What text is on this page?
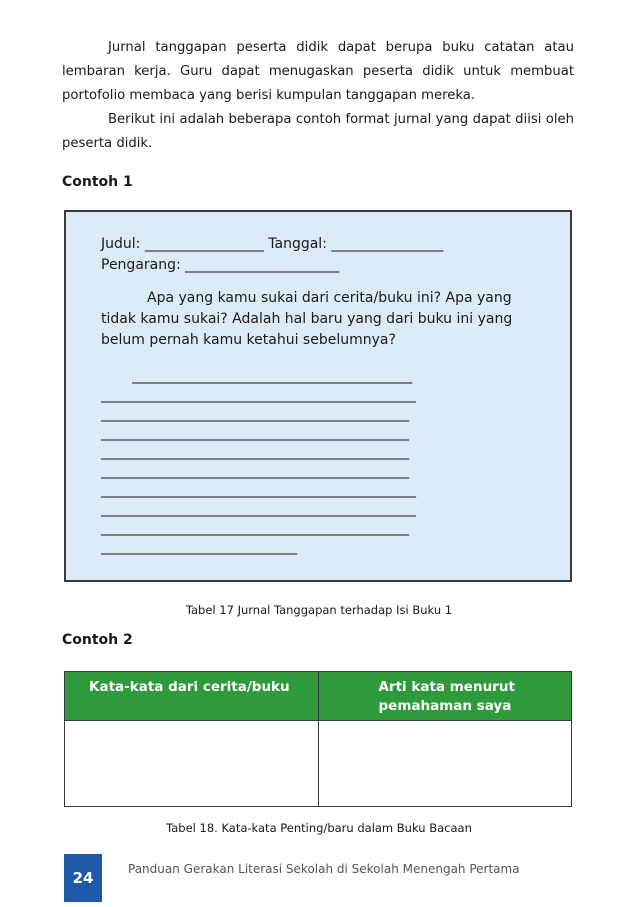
Jurnal tanggapan peserta didik dapat berupa buku catatan atau lembaran kerja. Guru dapat menugaskan peserta didik untuk membuat portofolio membaca yang berisi kumpulan tanggapan mereka.

Berikut ini adalah beberapa contoh format jurnal yang dapat diisi oleh peserta didik.

Contoh 1
Judul: _________________ Tanggal: ________________
Pengarang: ______________________

Apa yang kamu sukai dari cerita/buku ini? Apa yang tidak kamu sukai? Adalah hal baru yang dari buku ini yang belum pernah kamu ketahui sebelumnya?

________________________________________
_____________________________________________
____________________________________________
____________________________________________
____________________________________________
____________________________________________
_____________________________________________
_____________________________________________
____________________________________________
____________________________
Tabel 17 Jurnal Tanggapan terhadap Isi Buku 1
Contoh 2
Kata-kata dari cerita/buku	Arti kata menurut pemahaman saya

Tabel 18. Kata-kata Penting/baru dalam Buku Bacaan
24	Panduan Gerakan Literasi Sekolah di Sekolah Menengah Pertama
